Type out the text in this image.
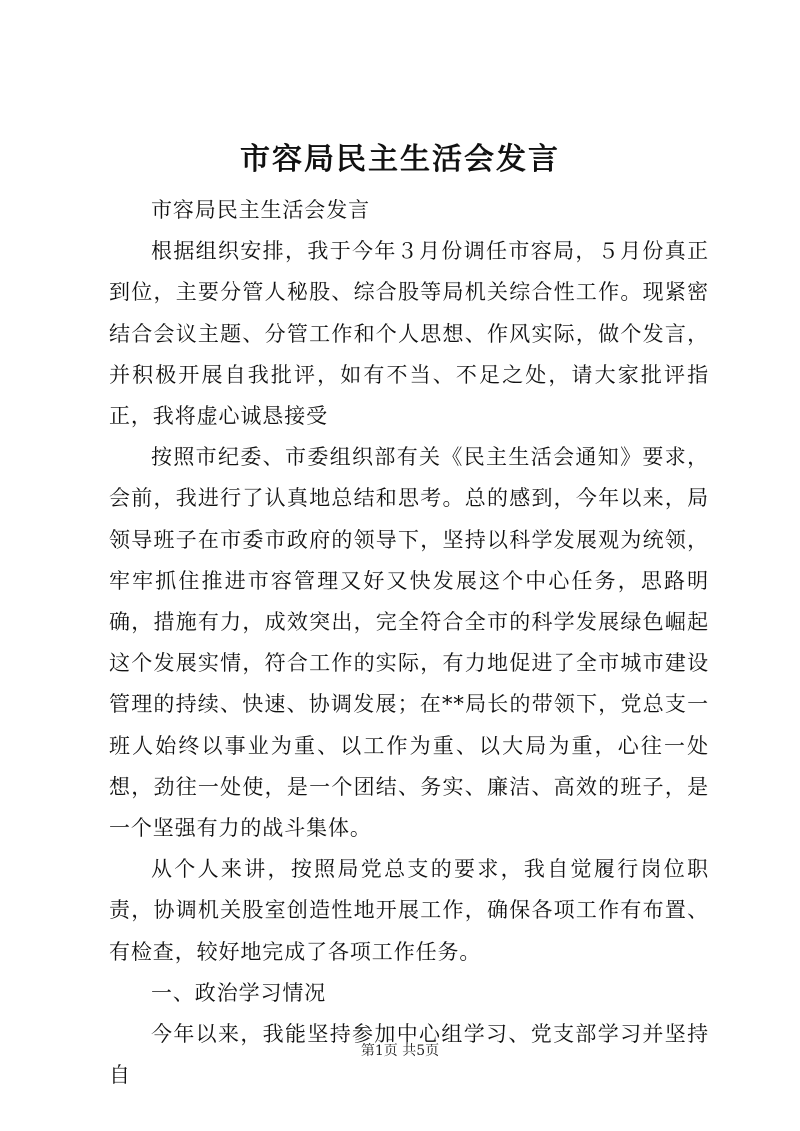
市容局民主生活会发言

市容局民主生活会发言

根据组织安排，我于今年３月份调任市容局，５月份真正到位，主要分管人秘股、综合股等局机关综合性工作。现紧密结合会议主题、分管工作和个人思想、作风实际，做个发言，并积极开展自我批评，如有不当、不足之处，请大家批评指正，我将虚心诚恳接受

按照市纪委、市委组织部有关《民主生活会通知》要求，会前，我进行了认真地总结和思考。总的感到，今年以来，局领导班子在市委市政府的领导下，坚持以科学发展观为统领，牢牢抓住推进市容管理又好又快发展这个中心任务，思路明确，措施有力，成效突出，完全符合全市的科学发展绿色崛起这个发展实情，符合工作的实际，有力地促进了全市城市建设管理的持续、快速、协调发展；在**局长的带领下，党总支一班人始终以事业为重、以工作为重、以大局为重，心往一处想，劲往一处使，是一个团结、务实、廉洁、高效的班子，是一个坚强有力的战斗集体。

从个人来讲，按照局党总支的要求，我自觉履行岗位职责，协调机关股室创造性地开展工作，确保各项工作有布置、有检查，较好地完成了各项工作任务。

一、政治学习情况

今年以来，我能坚持参加中心组学习、党支部学习并坚持自

第1页 共5页
